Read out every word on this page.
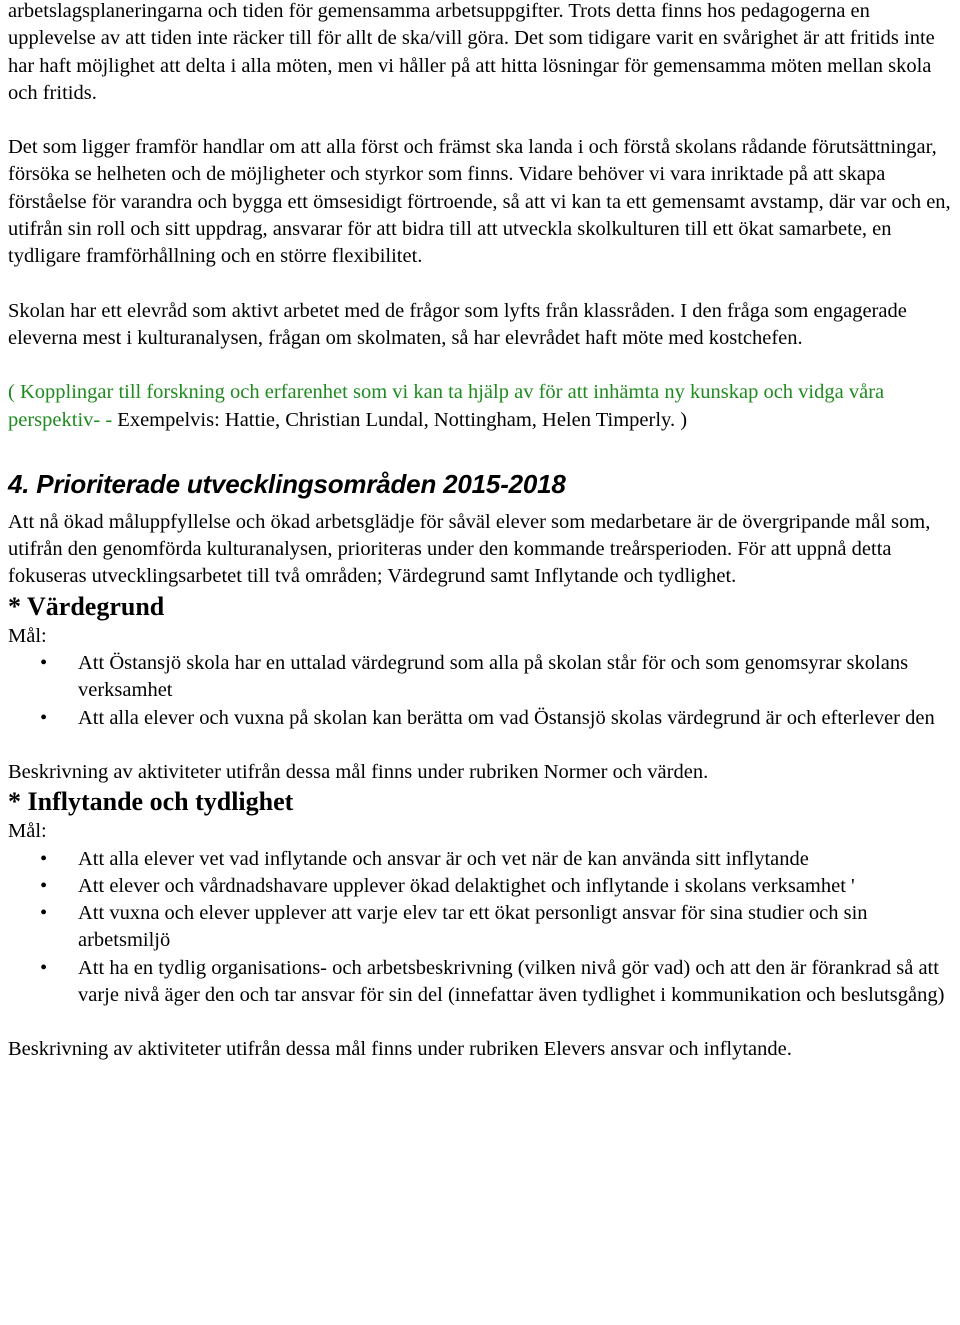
arbetslagsplaneringarna och tiden för gemensamma arbetsuppgifter. Trots detta finns hos pedagogerna en upplevelse av att tiden inte räcker till för allt de ska/vill göra. Det som tidigare varit en svårighet är att fritids inte har haft möjlighet att delta i alla möten, men vi håller på att hitta lösningar för gemensamma möten mellan skola och fritids.

Det som ligger framför handlar om att alla först och främst ska landa i och förstå skolans rådande förutsättningar, försöka se helheten och de möjligheter och styrkor som finns. Vidare behöver vi vara inriktade på att skapa förståelse för varandra och bygga ett ömsesidigt förtroende, så att vi kan ta ett gemensamt avstamp, där var och en, utifrån sin roll och sitt uppdrag, ansvarar för att bidra till att utveckla skolkulturen till ett ökat samarbete, en tydligare framförhållning och en större flexibilitet.

Skolan har ett elevråd som aktivt arbetet med de frågor som lyfts från klassråden. I den fråga som engagerade eleverna mest i kulturanalysen, frågan om skolmaten, så har elevrådet haft möte med kostchefen.

( Kopplingar till forskning och erfarenhet som vi kan ta hjälp av för att inhämta ny kunskap och vidga våra perspektiv- - Exempelvis: Hattie, Christian Lundal, Nottingham, Helen Timperly. )

4. Prioriterade utvecklingsområden 2015-2018

Att nå ökad måluppfyllelse och ökad arbetsglädje för såväl elever som medarbetare är de övergripande mål som, utifrån den genomförda kulturanalysen, prioriteras under den kommande treårsperioden. För att uppnå detta fokuseras utvecklingsarbetet till två områden; Värdegrund samt Inflytande och tydlighet.

* Värdegrund

Mål:

• Att Östansjö skola har en uttalad värdegrund som alla på skolan står för och som genomsyrar skolans verksamhet
• Att alla elever och vuxna på skolan kan berätta om vad Östansjö skolas värdegrund är och efterlever den

Beskrivning av aktiviteter utifrån dessa mål finns under rubriken Normer och värden.

* Inflytande och tydlighet

Mål:

• Att alla elever vet vad inflytande och ansvar är och vet när de kan använda sitt inflytande
• Att elever och vårdnadshavare upplever ökad delaktighet och inflytande i skolans verksamhet '
• Att vuxna och elever upplever att varje elev tar ett ökat personligt ansvar för sina studier och sin arbetsmiljö
• Att ha en tydlig organisations- och arbetsbeskrivning (vilken nivå gör vad) och att den är förankrad så att varje nivå äger den och tar ansvar för sin del (innefattar även tydlighet i kommunikation och beslutsgång)

Beskrivning av aktiviteter utifrån dessa mål finns under rubriken Elevers ansvar och inflytande.
